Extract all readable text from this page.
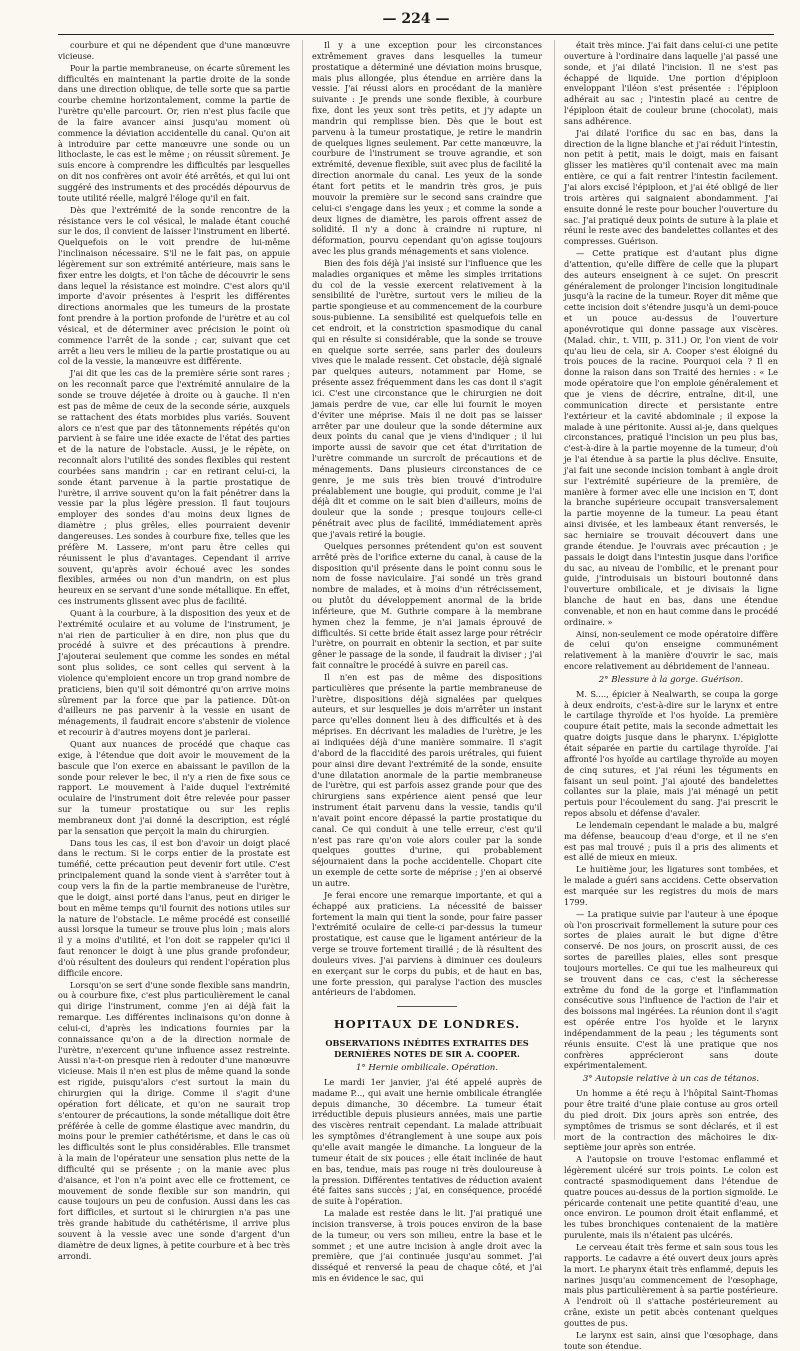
— 224 —

courbure et qui ne dépendent que d'une manœuvre vicieuse.

Pour la partie membraneuse, on écarte sûrement les difficultés en maintenant la partie droite de la sonde dans une direction oblique, de telle sorte que sa partie courbe chemine horizontalement, comme la partie de l'urètre qu'elle parcourt. Or, rien n'est plus facile que de la faire avancer ainsi jusqu'au moment où commence la déviation accidentelle du canal. Qu'on ait à introduire par cette manœuvre une sonde ou un lithoclaste, le cas est le même ; on réussit sûrement. Je suis encore à comprendre les difficultés par lesquelles on dit nos confrères ont avoir été arrêtés, et qui lui ont suggéré des instruments et des procédés dépourvus de toute utilité réelle, malgré l'éloge qu'il en fait.

Dès que l'extrémité de la sonde rencontre de la résistance vers le col vésical, le malade étant couché sur le dos, il convient de laisser l'instrument en liberté. Quelquefois on le voit prendre de lui-même l'inclinaison nécessaire. S'il ne le fait pas, on appuie légèrement sur son extrémité antérieure, mais sans le fixer entre les doigts, et l'on tâche de découvrir le sens dans lequel la résistance est moindre. C'est alors qu'il importe d'avoir présentes à l'esprit les différentes directions anormales que les tumeurs de la prostate font prendre à la portion profonde de l'urètre et au col vésical, et de déterminer avec précision le point où commence l'arrêt de la sonde ; car, suivant que cet arrêt a lieu vers le milieu de la partie prostatique ou au col de la vessie, la manœuvre est différente.

J'ai dit que les cas de la première série sont rares ; on les reconnaît parce que l'extrémité annulaire de la sonde se trouve déjetée à droite ou à gauche. Il n'en est pas de même de ceux de la seconde série, auxquels se rattachent des états morbides plus variés. Souvent alors ce n'est que par des tâtonnements répétés qu'on parvient à se faire une idée exacte de l'état des parties et de la nature de l'obstacle. Aussi, je le répète, on reconnaît alors l'utilité des sondes flexibles qui restent courbées sans mandrin ; car en retirant celui-ci, la sonde étant parvenue à la partie prostatique de l'urètre, il arrive souvent qu'on la fait pénétrer dans la vessie par la plus légère pression. Il faut toujours employer des sondes d'au moins deux lignes de diamètre ; plus grêles, elles pourraient devenir dangereuses. Les sondes à courbure fixe, telles que les préfère M. Lassere, m'ont paru être celles qui réunissent le plus d'avantages. Cependant il arrive souvent, qu'après avoir échoué avec les sondes flexibles, armées ou non d'un mandrin, on est plus heureux en se servant d'une sonde métallique. En effet, ces instruments glissent avec plus de facilité.

Quant à la courbure, à la disposition des yeux et de l'extrémité oculaire et au volume de l'instrument, je n'ai rien de particulier à en dire, non plus que du procédé à suivre et des précautions à prendre. J'ajouterai seulement que comme les sondes en métal sont plus solides, ce sont celles qui servent à la violence qu'emploient encore un trop grand nombre de praticiens, bien qu'il soit démontré qu'on arrive moins sûrement par la force que par la patience. Dût-on d'ailleurs ne pas parvenir à la vessie en usant de ménagements, il faudrait encore s'abstenir de violence et recourir à d'autres moyens dont je parlerai.

Quant aux nuances de procédé que chaque cas exige, à l'étendue que doit avoir le mouvement de la bascule que l'on exerce en abaissant le pavillon de la sonde pour relever le bec, il n'y a rien de fixe sous ce rapport. Le mouvement à l'aide duquel l'extrémité oculaire de l'instrument doit être relevée pour passer sur la tumeur prostatique ou sur les replis membraneux dont j'ai donné la description, est réglé par la sensation que perçoit la main du chirurgien.

Dans tous les cas, il est bon d'avoir un doigt placé dans le rectum. Si le corps entier de la prostate est tuméfié, cette précaution peut devenir fort utile. C'est principalement quand la sonde vient à s'arrêter tout à coup vers la fin de la partie membraneuse de l'urètre, que le doigt, ainsi porté dans l'anus, peut en diriger le bout en même temps qu'il fournit des notions utiles sur la nature de l'obstacle. Le même procédé est conseillé aussi lorsque la tumeur se trouve plus loin ; mais alors il y a moins d'utilité, et l'on doit se rappeler qu'ici il faut renoncer le doigt à une plus grande profondeur, d'où résultent des douleurs qui rendent l'opération plus difficile encore.

Lorsqu'on se sert d'une sonde flexible sans mandrin, ou à courbure fixe, c'est plus particulièrement le canal qui dirige l'instrument, comme j'en ai déjà fait la remarque. Les différentes inclinaisons qu'on donne à celui-ci, d'après les indications fournies par la connaissance qu'on a de la direction normale de l'urètre, n'exercent qu'une influence assez restreinte. Aussi n'a-t-on presque rien à redouter d'une manœuvre vicieuse. Mais il n'en est plus de même quand la sonde est rigide, puisqu'alors c'est surtout la main du chirurgien qui la dirige. Comme il s'agit d'une opération fort délicate, et qu'on ne saurait trop s'entourer de précautions, la sonde métallique doit être préférée à celle de gomme élastique avec mandrin, du moins pour le premier cathétérisme, et dans le cas où les difficultés sont le plus considérables. Elle transmet à la main de l'opérateur une sensation plus nette de la difficulté qui se présente ; on la manie avec plus d'aisance, et l'on n'a point avec elle ce frottement, ce mouvement de sonde flexible sur son mandrin, qui cause toujours un peu de confusion. Aussi dans les cas fort difficiles, et surtout si le chirurgien n'a pas une très grande habitude du cathétérisme, il arrive plus souvent à la vessie avec une sonde d'argent d'un diamètre de deux lignes, à petite courbure et à bec très arrondi.

Il y a une exception pour les circonstances extrêmement graves dans lesquelles la tumeur prostatique a déterminé une déviation moins brusque, mais plus allongée, plus étendue en arrière dans la vessie. J'ai réussi alors en procédant de la manière suivante : Je prends une sonde flexible, à courbure fixe, dont les yeux sont très petits, et j'y adapte un mandrin qui remplisse bien. Dès que le bout est parvenu à la tumeur prostatique, je retire le mandrin de quelques lignes seulement. Par cette manœuvre, la courbure de l'instrument se trouve agrandie, et son extrémité, devenue flexible, suit avec plus de facilité la direction anormale du canal. Les yeux de la sonde étant fort petits et le mandrin très gros, je puis mouvoir la première sur le second sans craindre que celui-ci s'engage dans les yeux ; et comme la sonde a deux lignes de diamètre, les parois offrent assez de solidité. Il n'y a donc à craindre ni rupture, ni déformation, pourvu cependant qu'on agisse toujours avec les plus grands ménagements et sans violence.

Bien des fois déjà j'ai insisté sur l'influence que les maladies organiques et même les simples irritations du col de la vessie exercent relativement à la sensibilité de l'urètre, surtout vers le milieu de la partie spongieuse et au commencement de la courbure sous-pubienne. La sensibilité est quelquefois telle en cet endroit, et la constriction spasmodique du canal qui en résulte si considérable, que la sonde se trouve en quelque sorte serrée, sans parler des douleurs vives que le malade ressent. Cet obstacle, déjà signalé par quelques auteurs, notamment par Home, se présente assez fréquemment dans les cas dont il s'agit ici. C'est une circonstance que le chirurgien ne doit jamais perdre de vue, car elle lui fournit le moyen d'éviter une méprise. Mais il ne doit pas se laisser arrêter par une douleur que la sonde détermine aux deux points du canal que je viens d'indiquer ; il lui importe aussi de savoir que cet état d'irritation de l'urètre commande un surcroît de précautions et de ménagements. Dans plusieurs circonstances de ce genre, je me suis très bien trouvé d'introduire préalablement une bougie, qui produit, comme je l'ai déjà dit et comme on le sait bien d'ailleurs, moins de douleur que la sonde ; presque toujours celle-ci pénétrait avec plus de facilité, immédiatement après que j'avais retiré la bougie.

Quelques personnes prétendent qu'on est souvent arrêté près de l'orifice externe du canal, à cause de la disposition qu'il présente dans le point connu sous le nom de fosse naviculaire. J'ai sondé un très grand nombre de malades, et à moins d'un rétrécissement, ou plutôt du développement anormal de la bride inférieure, que M. Guthrie compare à la membrane hymen chez la femme, je n'ai jamais éprouvé de difficultés. Si cette bride était assez large pour rétrécir l'urètre, on pourrait en obtenir la section, et par suite gêner le passage de la sonde, il faudrait la diviser ; j'ai fait connaître le procédé à suivre en pareil cas.

Il n'en est pas de même des dispositions particulières que présente la partie membraneuse de l'urètre, dispositions déjà signalées par quelques auteurs, et sur lesquelles je dois m'arrêter un instant parce qu'elles donnent lieu à des difficultés et à des méprises. En décrivant les maladies de l'urètre, je les ai indiquées déjà d'une manière sommaire. Il s'agit d'abord de la flaccidité des parois urétrales, qui fuient pour ainsi dire devant l'extrémité de la sonde, ensuite d'une dilatation anormale de la partie membraneuse de l'urètre, qui est parfois assez grande pour que des chirurgiens sans expérience aient pensé que leur instrument était parvenu dans la vessie, tandis qu'il n'avait point encore dépassé la partie prostatique du canal. Ce qui conduit à une telle erreur, c'est qu'il n'est pas rare qu'on voie alors couler par la sonde quelques gouttes d'urine, qui probablement séjournaient dans la poche accidentelle. Chopart cite un exemple de cette sorte de méprise ; j'en ai observé un autre.

Je ferai encore une remarque importante, et qui a échappé aux praticiens. La nécessité de baisser fortement la main qui tient la sonde, pour faire passer l'extrémité oculaire de celle-ci par-dessus la tumeur prostatique, est cause que le ligament antérieur de la verge se trouve fortement tiraillé ; de là résultent des douleurs vives. J'ai parviens à diminuer ces douleurs en exerçant sur le corps du pubis, et de haut en bas, une forte pression, qui paralyse l'action des muscles antérieurs de l'abdomen.

HOPITAUX DE LONDRES.

OBSERVATIONS INÉDITES EXTRAITES DES DERNIÈRES NOTES DE SIR A. COOPER.

1° Hernie ombilicale. Opération.

Le mardi 1er janvier, j'ai été appelé auprès de madame P..., qui avait une hernie ombilicale étranglée depuis dimanche, 30 décembre. La tumeur était irréductible depuis plusieurs années, mais une partie des viscères rentrait cependant. La malade attribuait les symptômes d'étranglement à une soupe aux pois qu'elle avait mangée le dimanche. La longueur de la tumeur était de six pouces ; elle était inclinée de haut en bas, tendue, mais pas rouge ni très douloureuse à la pression. Différentes tentatives de réduction avaient été faites sans succès ; j'ai, en conséquence, procédé de suite à l'opération.

La malade est restée dans le lit. J'ai pratiqué une incision transverse, à trois pouces environ de la base de la tumeur, ou vers son milieu, entre la base et le sommet ; et une autre incision à angle droit avec la première, que j'ai continuée jusqu'au sommet. J'ai disséqué et renversé la peau de chaque côté, et j'ai mis en évidence le sac, qui

était très mince. J'ai fait dans celui-ci une petite ouverture à l'ordinaire dans laquelle j'ai passé une sonde, et j'ai dilaté l'incision. Il ne s'est pas échappé de liquide. Une portion d'épiploon enveloppant l'iléon s'est présentée : l'épiploon adhérait au sac ; l'intestin placé au centre de l'épiploon était de couleur brune (chocolat), mais sans adhérence.

J'ai dilaté l'orifice du sac en bas, dans la direction de la ligne blanche et j'ai réduit l'intestin, non petit à petit, mais le doigt, mais en faisant glisser les matières qu'il contenait avec ma main entière, ce qui a fait rentrer l'intestin facilement. J'ai alors excisé l'épiploon, et j'ai été obligé de lier trois artères qui saignaient abondamment. J'ai ensuite donné le reste pour boucher l'ouverture du sac. J'ai pratiqué deux points de suture à la plaie et réuni le reste avec des bandelettes collantes et des compresses. Guérison.

— Cette pratique est d'autant plus digne d'attention, qu'elle diffère de celle que la plupart des auteurs enseignent à ce sujet. On prescrit généralement de prolonger l'incision longitudinale jusqu'à la racine de la tumeur. Royer dit même que cette incision doit s'étendre jusqu'à un demi-pouce et un pouce au-dessus de l'ouverture aponévrotique qui donne passage aux viscères. (Malad. chir., t. VIII, p. 311.) Or, l'on vient de voir qu'au lieu de cela, sir A. Cooper s'est éloigné du trois pouces de la racine. Pourquoi cela ? Il en donne la raison dans son Traité des hernies : « Le mode opératoire que l'on emploie généralement et que je viens de décrire, entraîne, dit-il, une communication directe et persistante entre l'extérieur et la cavité abdominale ; il expose la malade à une péritonite. Aussi ai-je, dans quelques circonstances, pratiqué l'incision un peu plus bas, c'est-à-dire à la partie moyenne de la tumeur, d'où je l'ai étendue à sa partie la plus déclive. Ensuite, j'ai fait une seconde incision tombant à angle droit sur l'extrémité supérieure de la première, de manière à former avec elle une incision en T, dont la branche supérieure occupait transversalement la partie moyenne de la tumeur. La peau étant ainsi divisée, et les lambeaux étant renversés, le sac herniaire se trouvait découvert dans une grande étendue. Je l'ouvrais avec précaution ; je passais le doigt dans l'intestin jusque dans l'orifice du sac, au niveau de l'ombilic, et le prenant pour guide, j'introduisais un bistouri boutonné dans l'ouverture ombilicale, et je divisais la ligne blanche de haut en bas, dans une étendue convenable, et non en haut comme dans le procédé ordinaire. »

Ainsi, non-seulement ce mode opératoire diffère de celui qu'on enseigne communément relativement à la manière d'ouvrir le sac, mais encore relativement au débridement de l'anneau.

2° Blessure à la gorge. Guérison.

M. S...., épicier à Nealwarth, se coupa la gorge à deux endroits, c'est-à-dire sur le larynx et entre le cartilage thyroïde et l'os hyoïde. La première coupure était petite, mais la seconde admettait les quatre doigts jusque dans le pharynx. L'épiglotte était séparée en partie du cartilage thyroïde. J'ai affronté l'os hyoïde au cartilage thyroïde au moyen de cinq sutures, et j'ai réuni les téguments en faisant un seul point. J'ai ajouté des bandelettes collantes sur la plaie, mais j'ai ménagé un petit pertuis pour l'écoulement du sang. J'ai prescrit le repos absolu et défense d'avaler.

Le lendemain cependant le malade a bu, malgré ma défense, beaucoup d'eau d'orge, et il ne s'en est pas mal trouvé ; puis il a pris des aliments et est allé de mieux en mieux.

Le huitième jour, les ligatures sont tombées, et le malade a guéri sans accidens. Cette observation est marquée sur les registres du mois de mars 1799.

— La pratique suivie par l'auteur à une époque où l'on proscrivait formellement la suture pour ces sortes de plaies aurait le but digne d'être conservé. De nos jours, on proscrit aussi, de ces sortes de pareilles plaies, elles sont presque toujours mortelles. Ce qui tue les malheureux qui se trouvent dans ce cas, c'est la sécheresse extrême du fond de la gorge et l'inflammation consécutive sous l'influence de l'action de l'air et des boissons mal ingérées. La réunion dont il s'agit est opérée entre l'os hyoïde et le larynx indépendamment de la peau ; les téguments sont réunis ensuite. C'est là une pratique que nos confrères apprécieront sans doute expérimentalement.

3° Autopsie relative à un cas de tétanos.

Un homme a été reçu à l'hôpital Saint-Thomas pour être traité d'une plaie contuse au gros orteil du pied droit. Dix jours après son entrée, des symptômes de trismus se sont déclarés, et il est mort de la contraction des mâchoires le dix-septième jour après son entrée.

A l'autopsie on trouve l'estomac enflammé et légèrement ulcéré sur trois points. Le colon est contracté spasmodiquement dans l'étendue de quatre pouces au-dessus de la portion sigmoïde. Le péricarde contenait une petite quantité d'eau, une once environ. Le poumon droit était enflammé, et les tubes bronchiques contenaient de la matière purulente, mais ils n'étaient pas ulcérés.

Le cerveau était très ferme et sain sous tous les rapports. Le cadavre a été ouvert deux jours après la mort. Le pharynx était très enflammé, depuis les narines jusqu'au commencement de l'œsophage, mais plus particulièrement à sa partie postérieure. A l'endroit où il s'attache postérieurement au crâne, existe un petit abcès contenant quelques gouttes de pus.

Le larynx est sain, ainsi que l'œsophage, dans toute son étendue.
